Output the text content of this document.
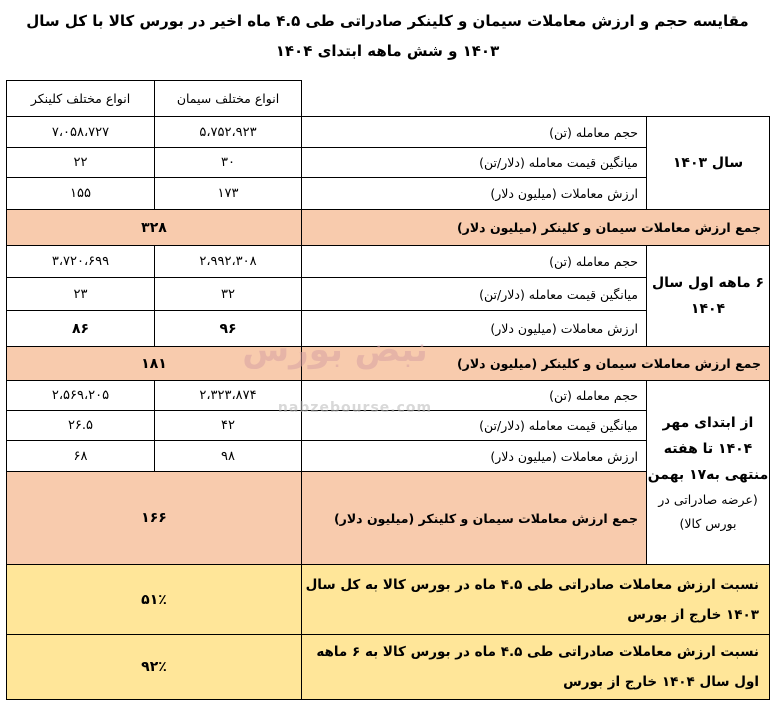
مقایسه حجم و ارزش معاملات سیمان و کلینکر صادراتی طی ۴.۵ ماه اخیر در بورس کالا با کل سال ۱۴۰۳ و شش ماهه ابتدای ۱۴۰۴
		انواع مختلف سیمان	انواع مختلف کلینکر
سال ۱۴۰۳	حجم معامله (تن)	۵،۷۵۲،۹۲۳	۷،۰۵۸،۷۲۷
	میانگین قیمت معامله (دلار/تن)	۳۰	۲۲
	ارزش معاملات (میلیون دلار)	۱۷۳	۱۵۵
جمع ارزش معاملات سیمان و کلینکر (میلیون دلار)		۳۲۸	
۶ ماهه اول سال ۱۴۰۴	حجم معامله (تن)	۲،۹۹۲،۳۰۸	۳،۷۲۰،۶۹۹
	میانگین قیمت معامله (دلار/تن)	۳۲	۲۳
	ارزش معاملات (میلیون دلار)	۹۶	۸۶
جمع ارزش معاملات سیمان و کلینکر (میلیون دلار)		۱۸۱	
از ابتدای مهر ۱۴۰۴ تا هفته منتهی به۱۷ بهمن
(عرضه صادراتی در بورس کالا)	حجم معامله (تن)	۲،۳۲۳،۸۷۴	۲،۵۶۹،۲۰۵
	میانگین قیمت معامله (دلار/تن)	۴۲	۲۶.۵
	ارزش معاملات (میلیون دلار)	۹۸	۶۸
	جمع ارزش معاملات سیمان و کلینکر (میلیون دلار)	۱۶۶	
نسبت ارزش معاملات صادراتی طی ۴.۵ ماه در بورس کالا به کل سال ۱۴۰۳ خارج از بورس		۵۱٪	
نسبت ارزش معاملات صادراتی طی ۴.۵ ماه در بورس کالا به ۶ ماهه اول سال ۱۴۰۴ خارج از بورس		۹۲٪	
نبض بورس
nabzebourse.com
